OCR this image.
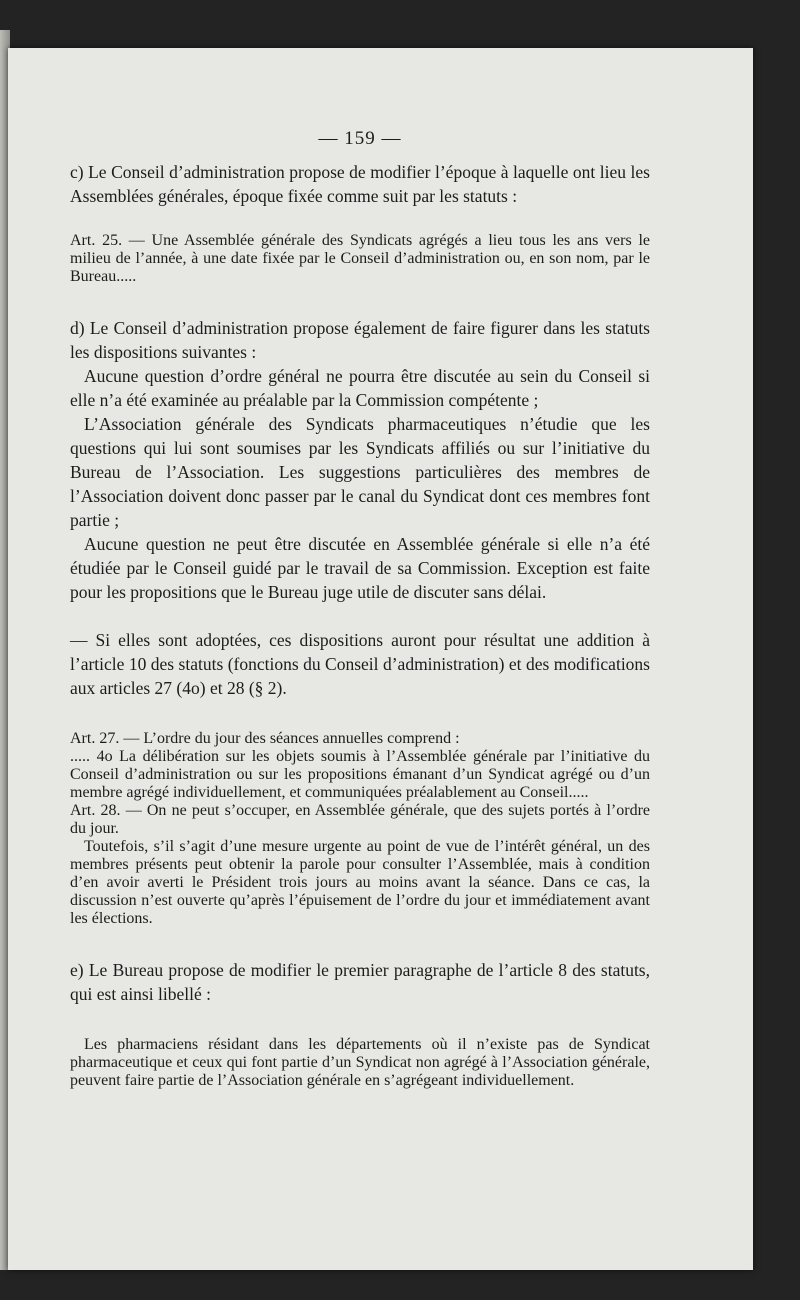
— 159 —

c) Le Conseil d’administration propose de modifier l’époque à laquelle ont lieu les Assemblées générales, époque fixée comme suit par les statuts :

Art. 25. — Une Assemblée générale des Syndicats agrégés a lieu tous les ans vers le milieu de l’année, à une date fixée par le Conseil d’administration ou, en son nom, par le Bureau.....

d) Le Conseil d’administration propose également de faire figurer dans les statuts les dispositions suivantes :

Aucune question d’ordre général ne pourra être discutée au sein du Conseil si elle n’a été examinée au préalable par la Commission compétente ;

L’Association générale des Syndicats pharmaceutiques n’étudie que les questions qui lui sont soumises par les Syndicats affiliés ou sur l’initiative du Bureau de l’Association. Les suggestions particulières des membres de l’Association doivent donc passer par le canal du Syndicat dont ces membres font partie ;

Aucune question ne peut être discutée en Assemblée générale si elle n’a été étudiée par le Conseil guidé par le travail de sa Commission. Exception est faite pour les propositions que le Bureau juge utile de discuter sans délai.

— Si elles sont adoptées, ces dispositions auront pour résultat une addition à l’article 10 des statuts (fonctions du Conseil d’administration) et des modifications aux articles 27 (4o) et 28 (§ 2).

Art. 27. — L’ordre du jour des séances annuelles comprend :

..... 4o La délibération sur les objets soumis à l’Assemblée générale par l’initiative du Conseil d’administration ou sur les propositions émanant d’un Syndicat agrégé ou d’un membre agrégé individuellement, et communiquées préalablement au Conseil.....

Art. 28. — On ne peut s’occuper, en Assemblée générale, que des sujets portés à l’ordre du jour.

Toutefois, s’il s’agit d’une mesure urgente au point de vue de l’intérêt général, un des membres présents peut obtenir la parole pour consulter l’Assemblée, mais à condition d’en avoir averti le Président trois jours au moins avant la séance. Dans ce cas, la discussion n’est ouverte qu’après l’épuisement de l’ordre du jour et immédiatement avant les élections.

e) Le Bureau propose de modifier le premier paragraphe de l’article 8 des statuts, qui est ainsi libellé :

Les pharmaciens résidant dans les départements où il n’existe pas de Syndicat pharmaceutique et ceux qui font partie d’un Syndicat non agrégé à l’Association générale, peuvent faire partie de l’Association générale en s’agrégeant individuellement.
